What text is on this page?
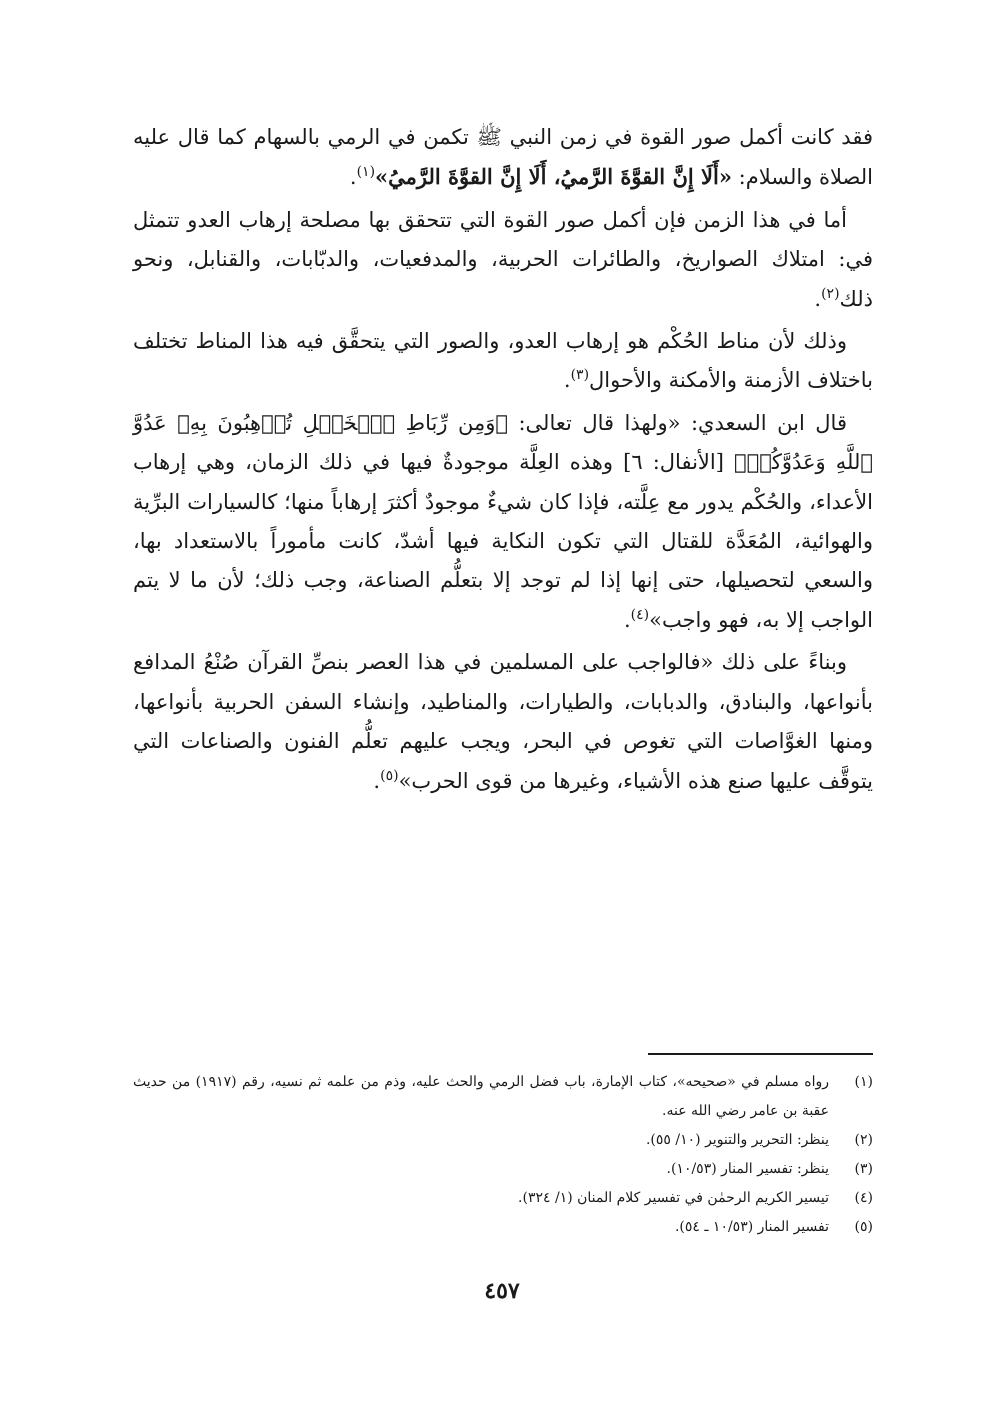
فقد كانت أكمل صور القوة في زمن النبي ﷺ تكمن في الرمي بالسهام كما قال عليه الصلاة والسلام: «أَلَا إِنَّ القوَّةَ الرَّميُ، أَلَا إِنَّ القوَّةَ الرَّميُ»$^{(١)}$.

أما في هذا الزمن فإن أكمل صور القوة التي تتحقق بها مصلحة إرهاب العدو تتمثل في: امتلاك الصواريخ، والطائرات الحربية، والمدفعيات، والدبّابات، والقنابل، ونحو ذلك$^{(٢)}$.

وذلك لأن مناط الحُكْم هو إرهاب العدو، والصور التي يتحقَّق فيه هذا المناط تختلف باختلاف الأزمنة والأمكنة والأحوال$^{(٣)}$.

قال ابن السعدي: «ولهذا قال تعالى: ﴿وَمِن رِّبَاطِ ٱلۡخَيۡلِ تُرۡهِبُونَ بِهِۦ عَدُوَّ ٱللَّهِ وَعَدُوَّكُمۡ﴾ [الأنفال: ٦] وهذه العِلَّة موجودةٌ فيها في ذلك الزمان، وهي إرهاب الأعداء، والحُكْم يدور مع عِلَّته، فإذا كان شيءٌ موجودٌ أكثرَ إرهاباً منها؛ كالسيارات البرِّية والهوائية، المُعَدَّة للقتال التي تكون النكاية فيها أشدّ، كانت مأموراً بالاستعداد بها، والسعي لتحصيلها، حتى إنها إذا لم توجد إلا بتعلُّم الصناعة، وجب ذلك؛ لأن ما لا يتم الواجب إلا به، فهو واجب»$^{(٤)}$.

وبناءً على ذلك «فالواجب على المسلمين في هذا العصر بنصِّ القرآن صُنْعُ المدافع بأنواعها، والبنادق، والدبابات، والطيارات، والمناطيد، وإنشاء السفن الحربية بأنواعها، ومنها الغوَّاصات التي تغوص في البحر، ويجب عليهم تعلُّم الفنون والصناعات التي يتوقَّف عليها صنع هذه الأشياء، وغيرها من قوى الحرب»$^{(٥)}$.

(١)
رواه مسلم في «صحيحه»، كتاب الإمارة، باب فضل الرمي والحث عليه، وذم من علمه ثم نسيه، رقم (١٩١٧) من حديث عقبة بن عامر رضي الله عنه.
(٢)
ينظر: التحرير والتنوير (١٠/ ٥٥).
(٣)
ينظر: تفسير المنار (١٠/٥٣).
(٤)
تيسير الكريم الرحمٰن في تفسير كلام المنان (١/ ٣٢٤).
(٥)
تفسير المنار (١٠/٥٣ ـ ٥٤).
٤٥٧
